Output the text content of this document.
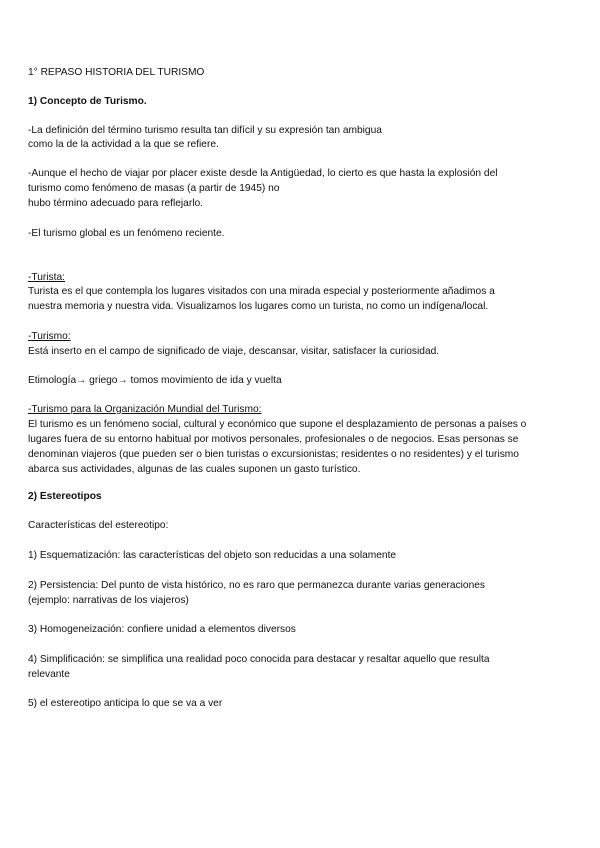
1° REPASO HISTORIA DEL TURISMO
1) Concepto de Turismo.
-La definición del término turismo resulta tan difícil y su expresión tan ambigua
como la de la actividad a la que se refiere.
-Aunque el hecho de viajar por placer existe desde la Antigüedad, lo cierto es que hasta la explosión del
turismo como fenómeno de masas (a partir de 1945) no
hubo término adecuado para reflejarlo.
-El turismo global es un fenómeno reciente.
-Turista:
Turista es el que contempla los lugares visitados con una mirada especial y posteriormente añadimos a
nuestra memoria y nuestra vida. Visualizamos los lugares como un turista, no como un indígena/local.
-Turismo:
Está inserto en el campo de significado de viaje, descansar, visitar, satisfacer la curiosidad.
Etimología→ griego→ tomos movimiento de ida y vuelta
-Turismo para la Organización Mundial del Turismo:
El turismo es un fenómeno social, cultural y económico que supone el desplazamiento de personas a países o
lugares fuera de su entorno habitual por motivos personales, profesionales o de negocios. Esas personas se
denominan viajeros (que pueden ser o bien turistas o excursionistas; residentes o no residentes) y el turismo
abarca sus actividades, algunas de las cuales suponen un gasto turístico.
2) Estereotipos
Características del estereotipo:
1) Esquematización: las características del objeto son reducidas a una solamente
2) Persistencia: Del punto de vista histórico, no es raro que permanezca durante varias generaciones
(ejemplo: narrativas de los viajeros)
3) Homogeneización: confiere unidad a elementos diversos
4) Simplificación: se simplifica una realidad poco conocida para destacar y resaltar aquello que resulta
relevante
5) el estereotipo anticipa lo que se va a ver
